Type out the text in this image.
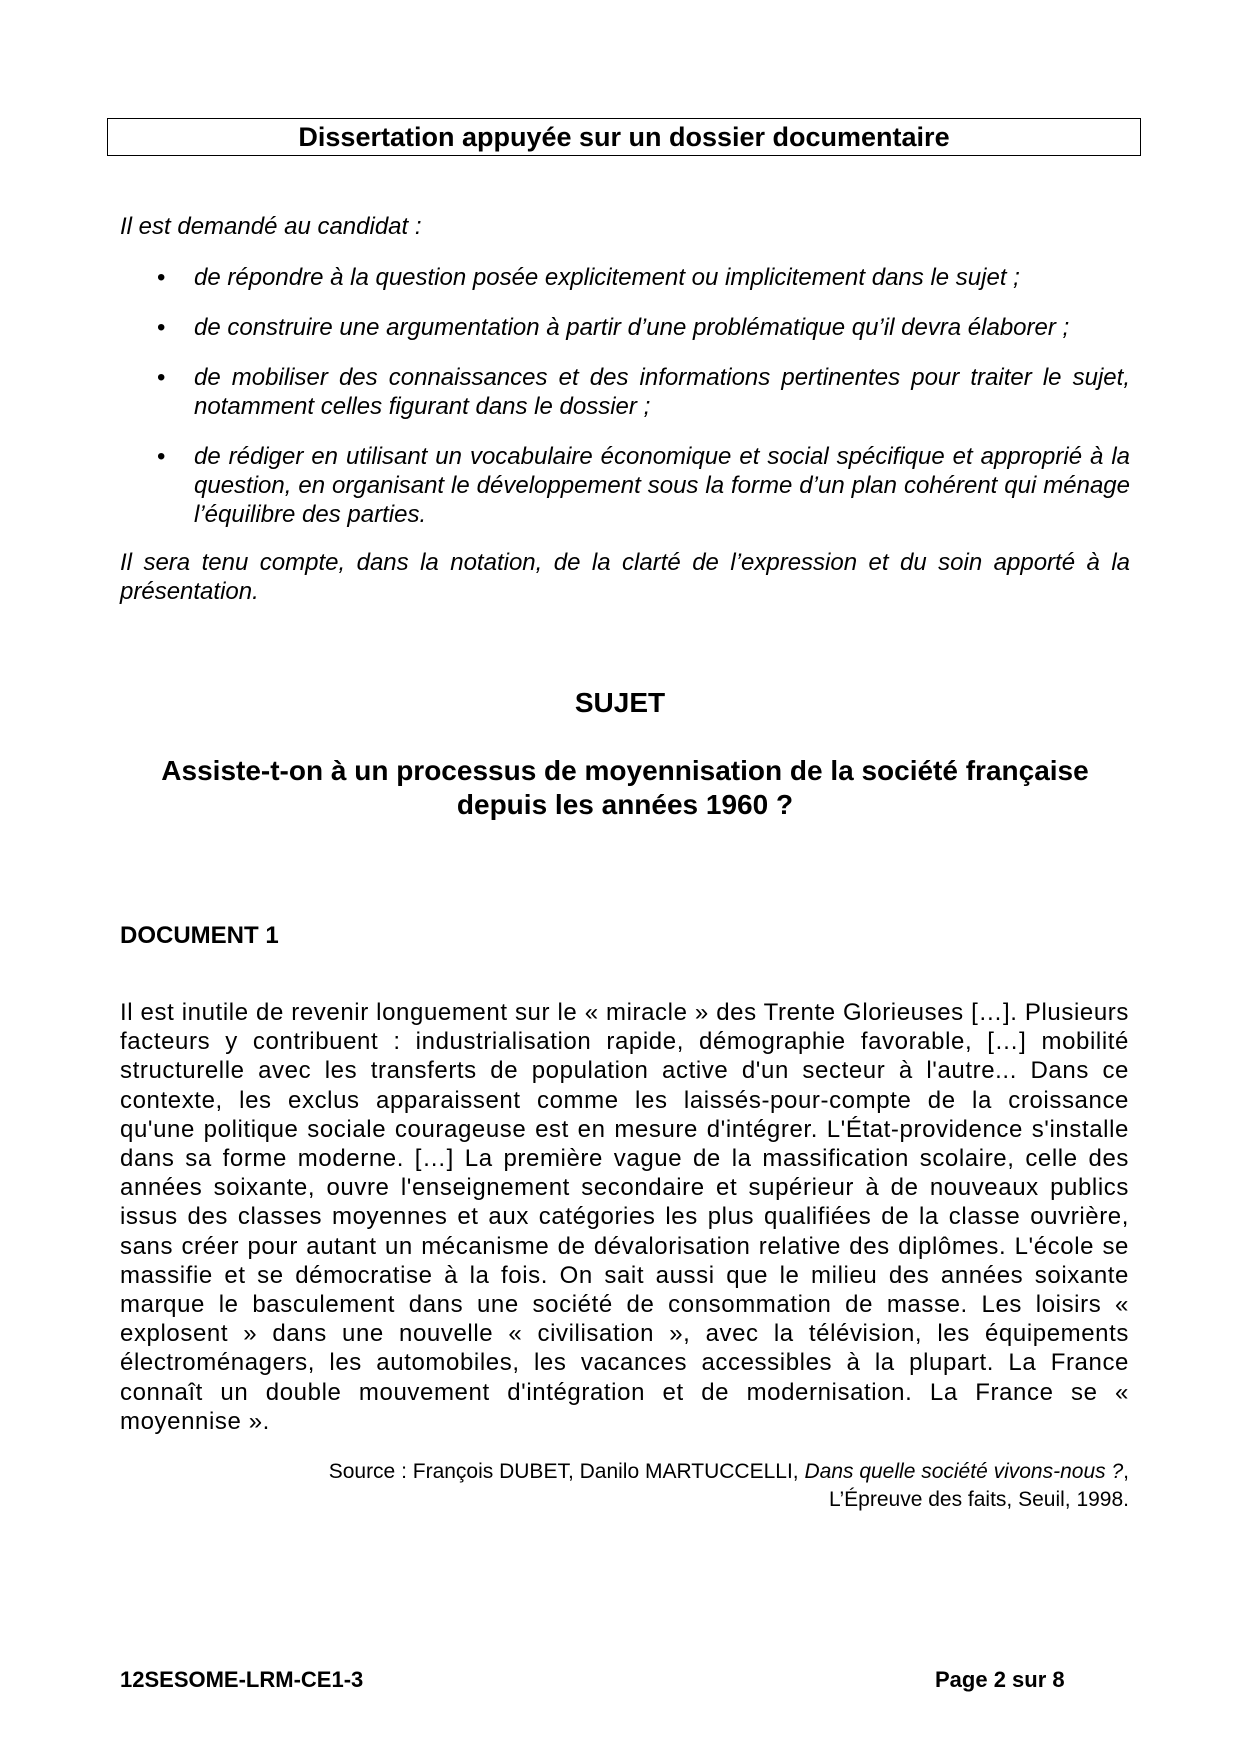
Dissertation appuyée sur un dossier documentaire

Il est demandé au candidat :

• de répondre à la question posée explicitement ou implicitement dans le sujet ;
• de construire une argumentation à partir d’une problématique qu’il devra élaborer ;
• de mobiliser des connaissances et des informations pertinentes pour traiter le sujet, notamment celles figurant dans le dossier ;
• de rédiger en utilisant un vocabulaire économique et social spécifique et approprié à la question, en organisant le développement sous la forme d’un plan cohérent qui ménage l’équilibre des parties.

Il sera tenu compte, dans la notation, de la clarté de l’expression et du soin apporté à la présentation.

SUJET
Assiste-t-on à un processus de moyennisation de la société française depuis les années 1960 ?
DOCUMENT 1

Il est inutile de revenir longuement sur le « miracle » des Trente Glorieuses […]. Plusieurs facteurs y contribuent : industrialisation rapide, démographie favorable, […] mobilité structurelle avec les transferts de population active d'un secteur à l'autre... Dans ce contexte, les exclus apparaissent comme les laissés-pour-compte de la croissance qu'une politique sociale courageuse est en mesure d'intégrer. L'État-providence s'installe dans sa forme moderne. […] La première vague de la massification scolaire, celle des années soixante, ouvre l'enseignement secondaire et supérieur à de nouveaux publics issus des classes moyennes et aux catégories les plus qualifiées de la classe ouvrière, sans créer pour autant un mécanisme de dévalorisation relative des diplômes. L'école se massifie et se démocratise à la fois. On sait aussi que le milieu des années soixante marque le basculement dans une société de consommation de masse. Les loisirs « explosent » dans une nouvelle « civilisation », avec la télévision, les équipements électroménagers, les automobiles, les vacances accessibles à la plupart. La France connaît un double mouvement d'intégration et de modernisation. La France se « moyennise ».

Source : François DUBET, Danilo MARTUCCELLI, Dans quelle société vivons-nous ?,
L’Épreuve des faits, Seuil, 1998.
12SESOME-LRM-CE1-3	Page 2 sur 8
